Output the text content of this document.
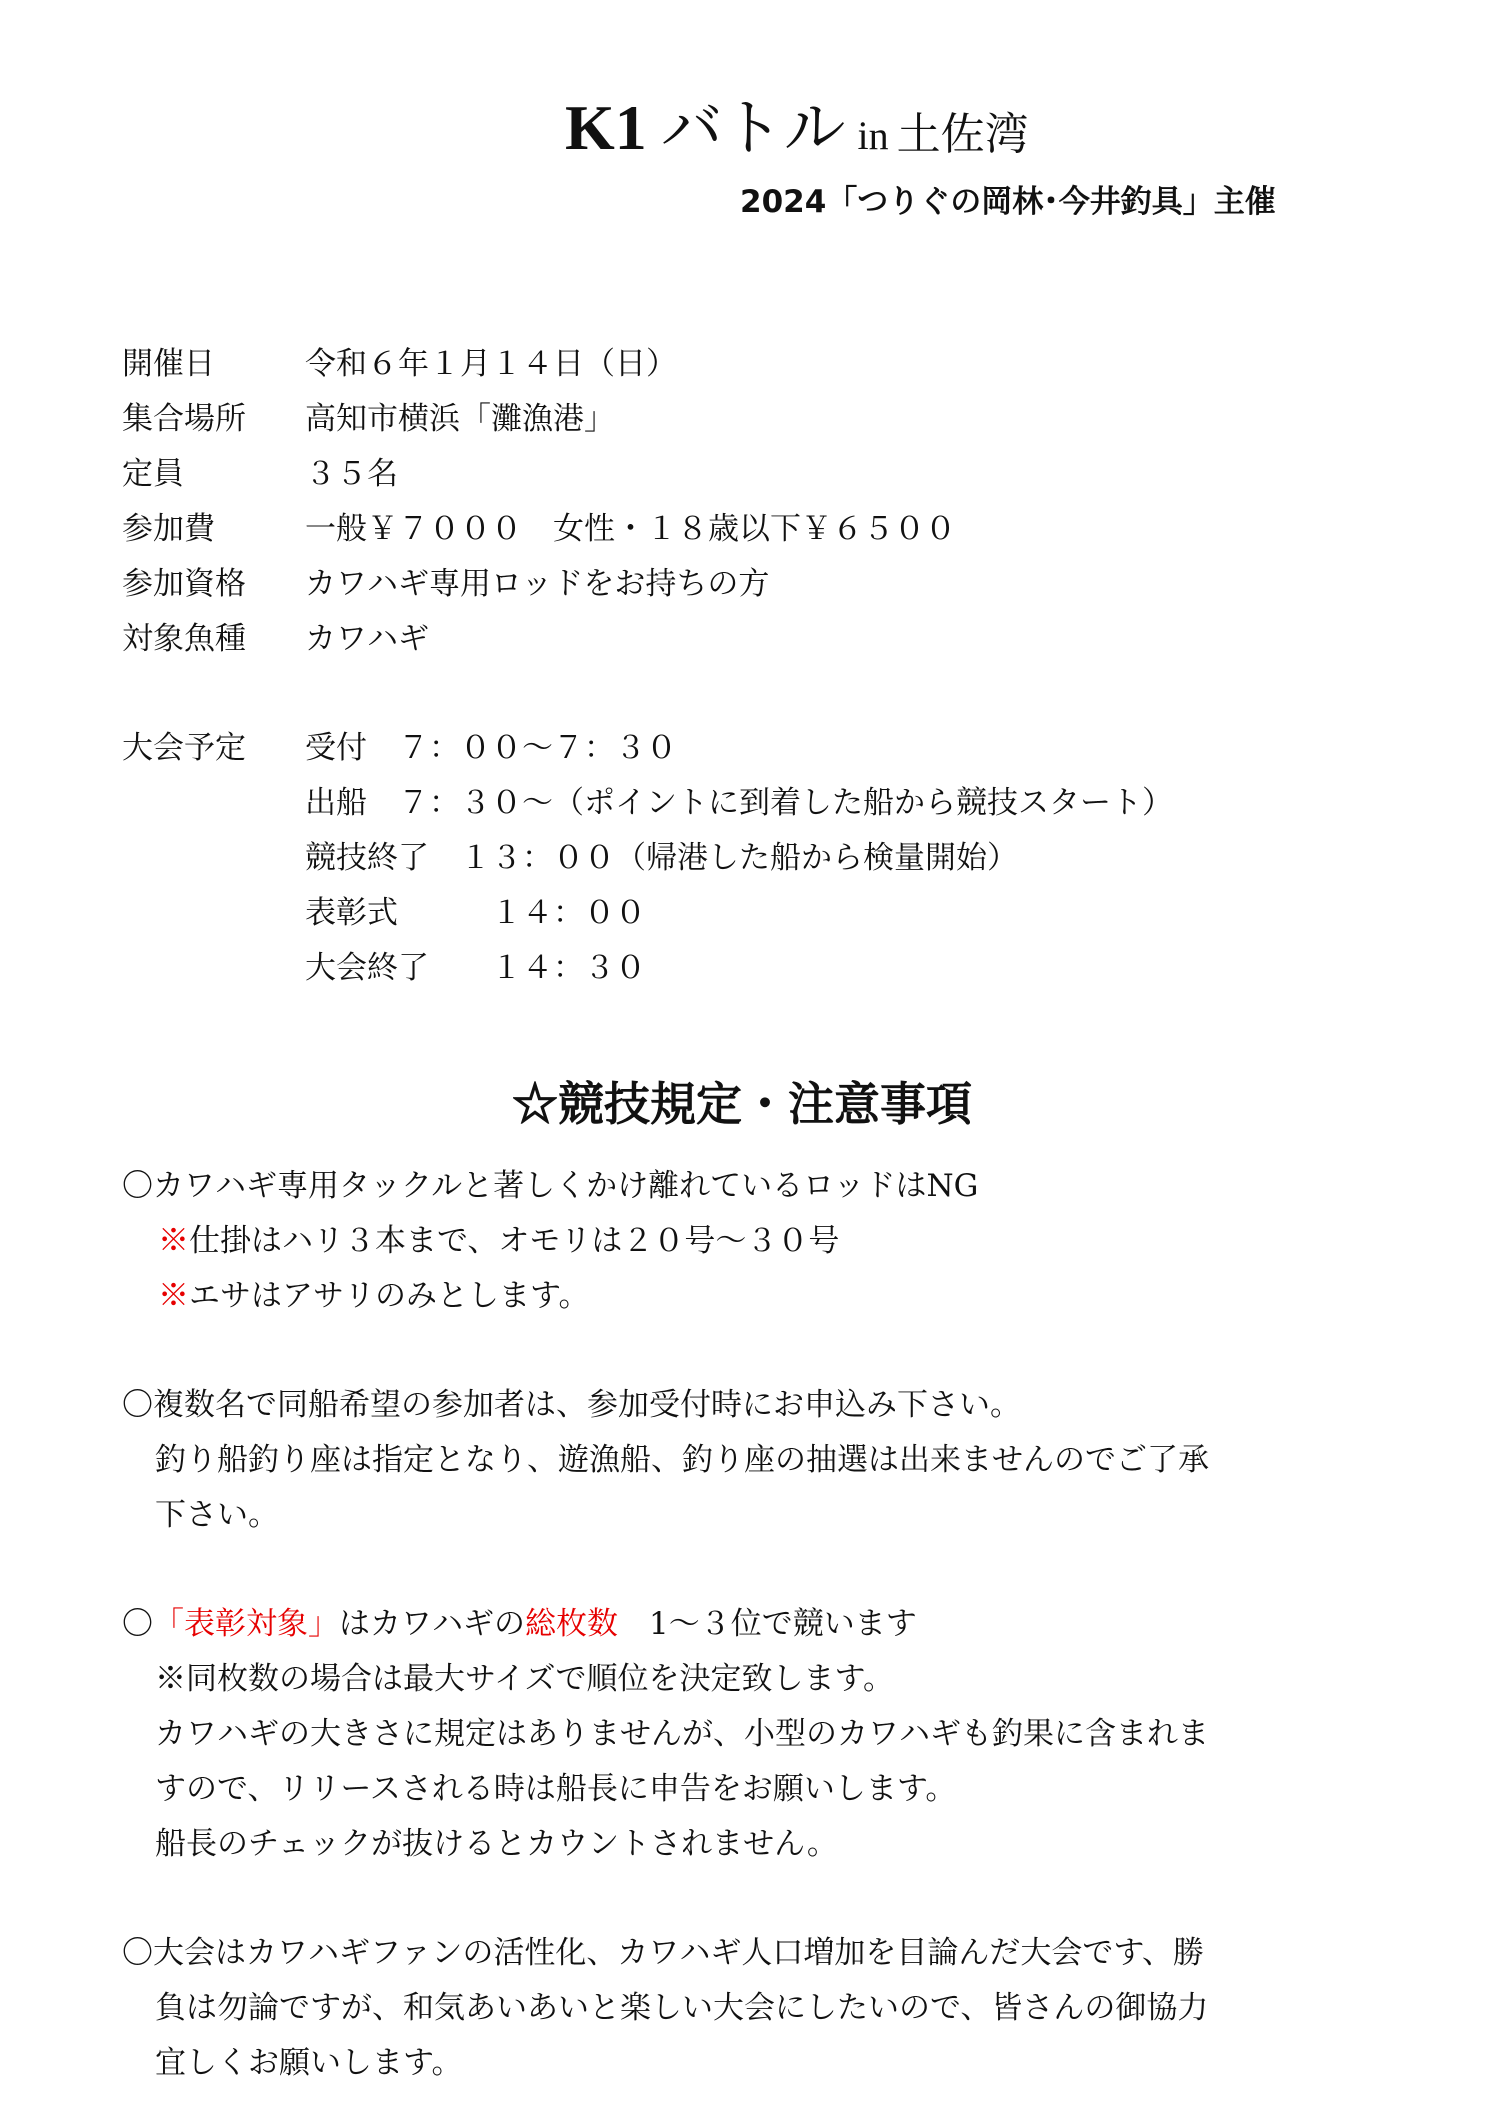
K1 バトル in 土佐湾
2024「つりぐの岡林･今井釣具」主催
開催日	令和６年１月１４日（日）
集合場所 高知市横浜「灘漁港」
定員	３５名
参加費	一般￥７０００　女性・１８歳以下￥６５００
参加資格 カワハギ専用ロッドをお持ちの方
対象魚種 カワハギ
大会予定 受付　７：００～７：３０
出船　７：３０～（ポイントに到着した船から競技スタート）
競技終了　１３：００（帰港した船から検量開始）
表彰式　　　１４：００
大会終了　　１４：３０
☆競技規定・注意事項
〇カワハギ専用タックルと著しくかけ離れているロッドはNG
※仕掛はハリ３本まで、オモリは２０号～３０号
※エサはアサリのみとします。
〇複数名で同船希望の参加者は、参加受付時にお申込み下さい。
釣り船釣り座は指定となり、遊漁船、釣り座の抽選は出来ませんのでご了承
下さい。
〇「表彰対象」はカワハギの総枚数　1～３位で競います
※同枚数の場合は最大サイズで順位を決定致します。
カワハギの大きさに規定はありませんが、小型のカワハギも釣果に含まれま
すので、リリースされる時は船長に申告をお願いします。
船長のチェックが抜けるとカウントされません。
〇大会はカワハギファンの活性化、カワハギ人口増加を目論んだ大会です、勝
負は勿論ですが、和気あいあいと楽しい大会にしたいので、皆さんの御協力
宜しくお願いします。
